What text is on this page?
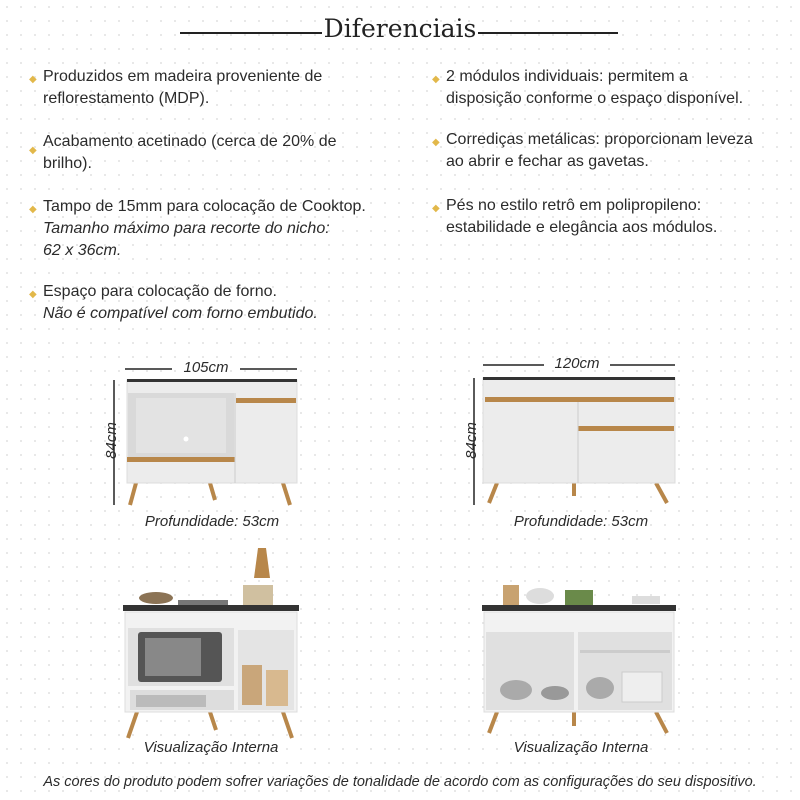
Diferenciais
◆ Produzidos em madeira proveniente de
reflorestamento (MDP).
◆
Acabamento acetinado (cerca de 20% de
brilho).
◆ Tampo de 15mm para colocação de Cooktop.
Tamanho máximo para recorte do nicho:
62 x 36cm.
◆ Espaço para colocação de forno.
Não é compatível com forno embutido.
◆ 2 módulos individuais: permitem a
disposição conforme o espaço disponível.
◆ Corrediças metálicas: proporcionam leveza
ao abrir e fechar as gavetas.
◆ Pés no estilo retrô em polipropileno:
estabilidade e elegância aos módulos.
105cm
84cm
Profundidade: 53cm
Visualização Interna
120cm
84cm
Profundidade: 53cm
Visualização Interna
As cores do produto podem sofrer variações de tonalidade de acordo com as configurações do seu dispositivo.
